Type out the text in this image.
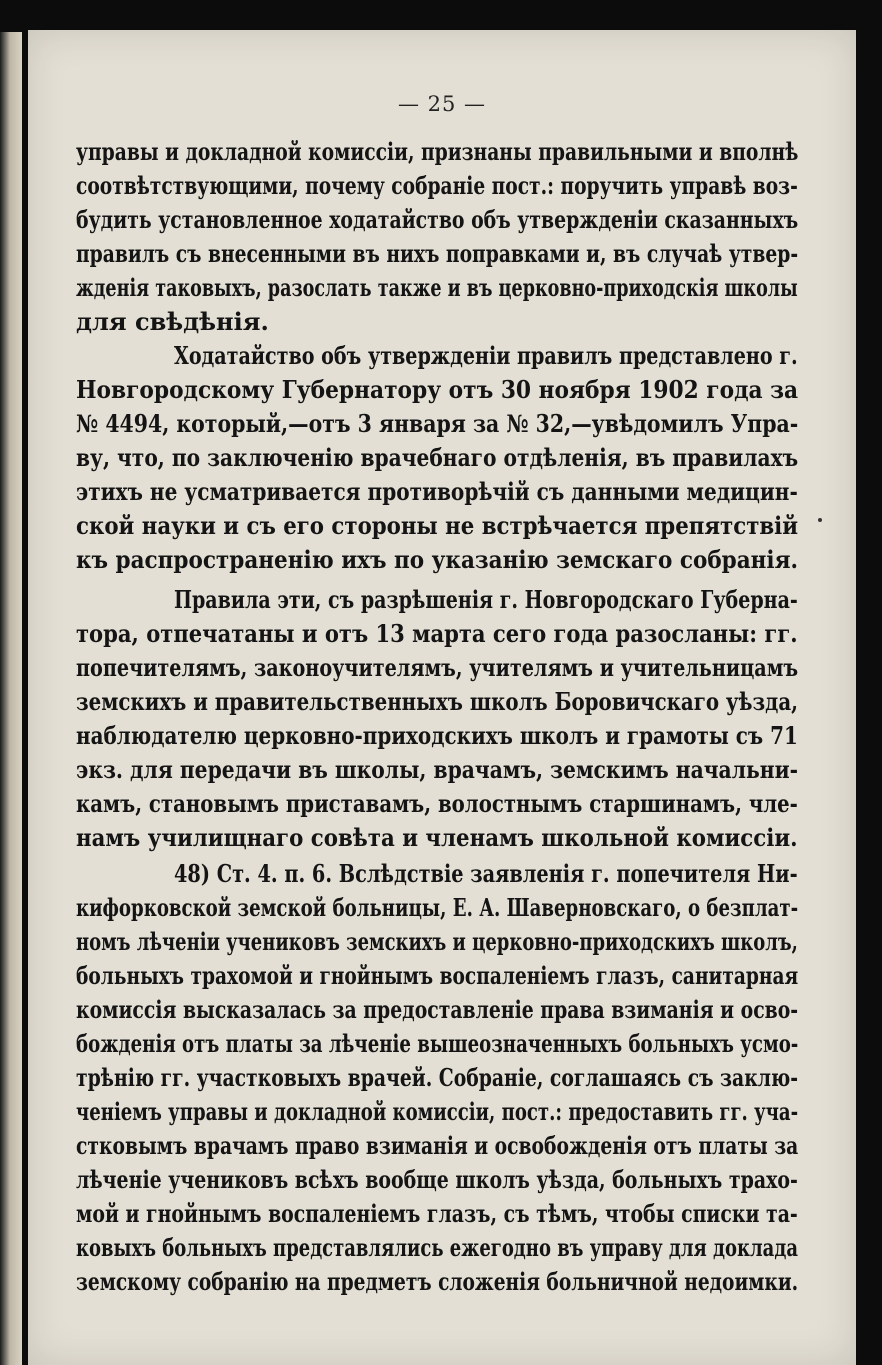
— 25 —
управы и докладной комиссіи, признаны правильными и вполнѣ
соотвѣтствующими, почему собраніе пост.: поручить управѣ воз-
будить установленное ходатайство объ утвержденіи сказанныхъ
правилъ съ внесенными въ нихъ поправками и, въ случаѣ утвер-
жденія таковыхъ, разослать также и въ церковно-приходскія школы
для свѣдѣнія.
Ходатайство объ утвержденіи правилъ представлено г.
Новгородскому Губернатору отъ 30 ноября 1902 года за
№ 4494, который,—отъ 3 января за № 32,—увѣдомилъ Упра-
ву, что, по заключенію врачебнаго отдѣленія, въ правилахъ
этихъ не усматривается противорѣчій съ данными медицин-
ской науки и съ его стороны не встрѣчается препятствій
къ распространенію ихъ по указанію земскаго собранія.
Правила эти, съ разрѣшенія г. Новгородскаго Губерна-
тора, отпечатаны и отъ 13 марта сего года разосланы: гг.
попечителямъ, законоучителямъ, учителямъ и учительницамъ
земскихъ и правительственныхъ школъ Боровичскаго уѣзда,
наблюдателю церковно-приходскихъ школъ и грамоты съ 71
экз. для передачи въ школы, врачамъ, земскимъ начальни-
камъ, становымъ приставамъ, волостнымъ старшинамъ, чле-
намъ училищнаго совѣта и членамъ школьной комиссіи.
48) Ст. 4. п. 6. Вслѣдствіе заявленія г. попечителя Ни-
кифорковской земской больницы, Е. А. Шаверновскаго, о безплат-
номъ лѣченіи учениковъ земскихъ и церковно-приходскихъ школъ,
больныхъ трахомой и гнойнымъ воспаленіемъ глазъ, санитарная
комиссія высказалась за предоставленіе права взиманія и осво-
божденія отъ платы за лѣченіе вышеозначенныхъ больныхъ усмо-
трѣнію гг. участковыхъ врачей. Собраніе, соглашаясь съ заклю-
ченіемъ управы и докладной комиссіи, пост.: предоставить гг. уча-
стковымъ врачамъ право взиманія и освобожденія отъ платы за
лѣченіе учениковъ всѣхъ вообще школъ уѣзда, больныхъ трахо-
мой и гнойнымъ воспаленіемъ глазъ, съ тѣмъ, чтобы списки та-
ковыхъ больныхъ представлялись ежегодно въ управу для доклада
земскому собранію на предметъ сложенія больничной недоимки.
